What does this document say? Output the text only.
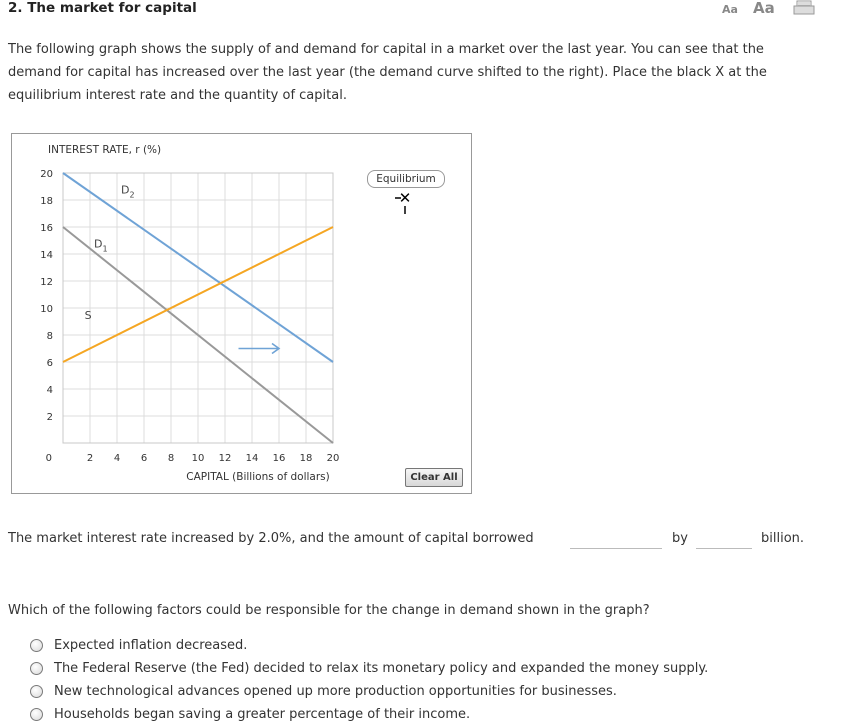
2. The market for capital	Aa Aa
The following graph shows the supply of and demand for capital in a market over the last year. You can see that the demand for capital has increased over the last year (the demand curve shifted to the right). Place the black X at the equilibrium interest rate and the quantity of capital.
$D_2$
$D_1$
S
2 4 6 8 10 12 14 16 18 20
2
4
6
8
10
12
14
16
18
20
0
INTEREST RATE, r (%)
CAPITAL (Billions of dollars)
✕
Equilibrium
Clear All
The market interest rate increased by 2.0%, and the amount of capital borrowed	by	billion.
Which of the following factors could be responsible for the change in demand shown in the graph?
Expected inflation decreased.
The Federal Reserve (the Fed) decided to relax its monetary policy and expanded the money supply.
New technological advances opened up more production opportunities for businesses.
Households began saving a greater percentage of their income.
